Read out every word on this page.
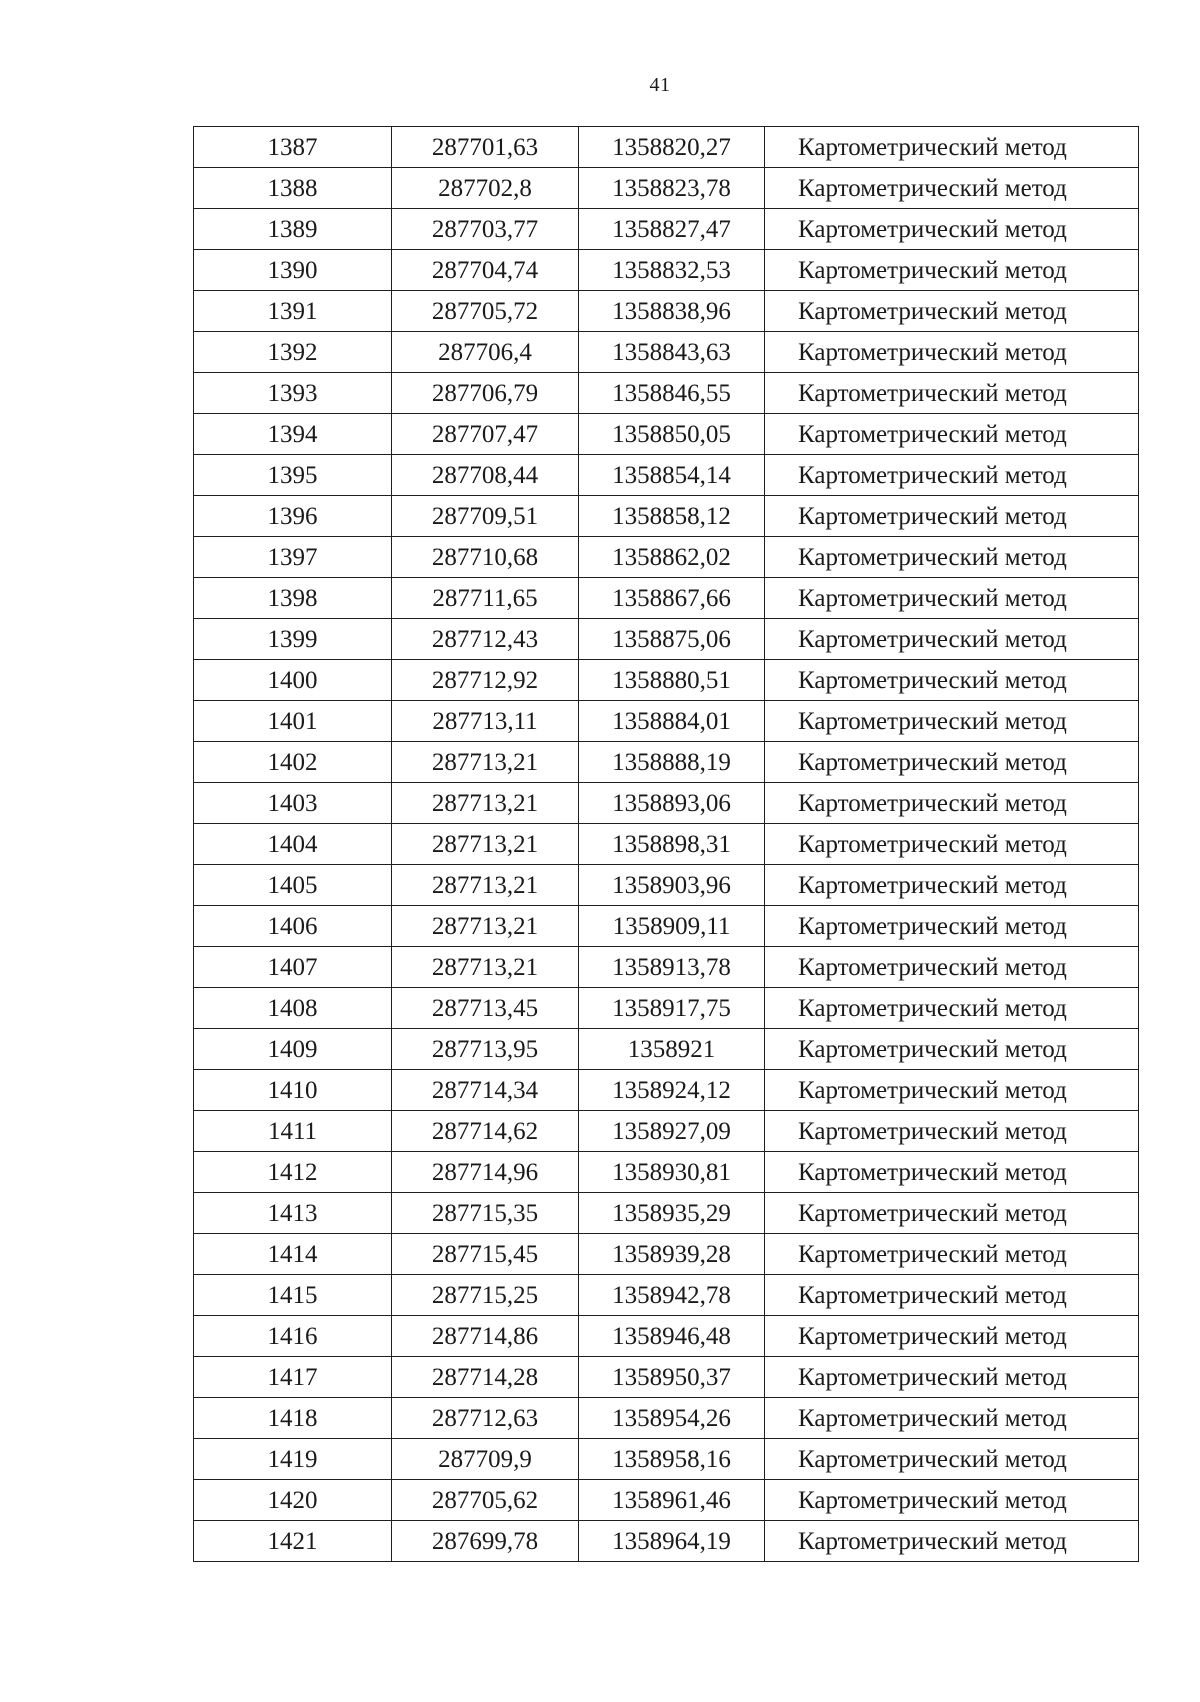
41
1387	287701,63	1358820,27	Картометрический метод
1388	287702,8	1358823,78	Картометрический метод
1389	287703,77	1358827,47	Картометрический метод
1390	287704,74	1358832,53	Картометрический метод
1391	287705,72	1358838,96	Картометрический метод
1392	287706,4	1358843,63	Картометрический метод
1393	287706,79	1358846,55	Картометрический метод
1394	287707,47	1358850,05	Картометрический метод
1395	287708,44	1358854,14	Картометрический метод
1396	287709,51	1358858,12	Картометрический метод
1397	287710,68	1358862,02	Картометрический метод
1398	287711,65	1358867,66	Картометрический метод
1399	287712,43	1358875,06	Картометрический метод
1400	287712,92	1358880,51	Картометрический метод
1401	287713,11	1358884,01	Картометрический метод
1402	287713,21	1358888,19	Картометрический метод
1403	287713,21	1358893,06	Картометрический метод
1404	287713,21	1358898,31	Картометрический метод
1405	287713,21	1358903,96	Картометрический метод
1406	287713,21	1358909,11	Картометрический метод
1407	287713,21	1358913,78	Картометрический метод
1408	287713,45	1358917,75	Картометрический метод
1409	287713,95	1358921	Картометрический метод
1410	287714,34	1358924,12	Картометрический метод
1411	287714,62	1358927,09	Картометрический метод
1412	287714,96	1358930,81	Картометрический метод
1413	287715,35	1358935,29	Картометрический метод
1414	287715,45	1358939,28	Картометрический метод
1415	287715,25	1358942,78	Картометрический метод
1416	287714,86	1358946,48	Картометрический метод
1417	287714,28	1358950,37	Картометрический метод
1418	287712,63	1358954,26	Картометрический метод
1419	287709,9	1358958,16	Картометрический метод
1420	287705,62	1358961,46	Картометрический метод
1421	287699,78	1358964,19	Картометрический метод
